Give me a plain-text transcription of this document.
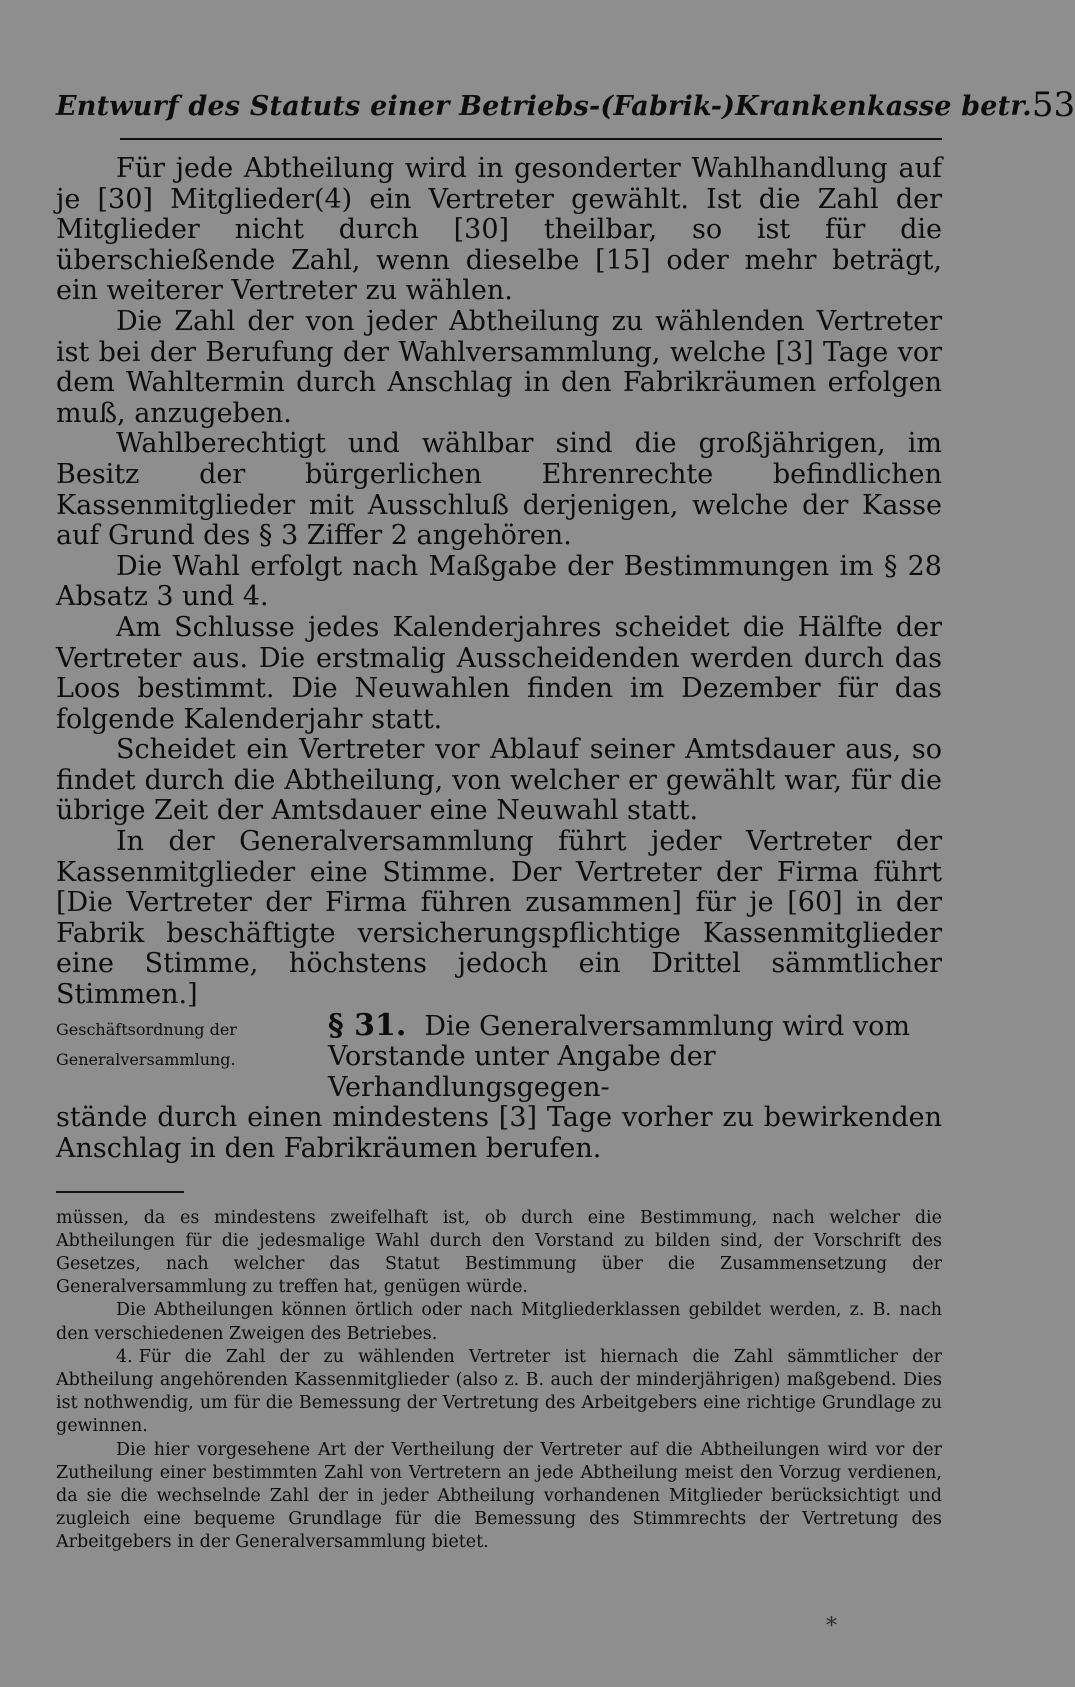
Entwurf des Statuts einer Betriebs-(Fabrik-)Krankenkasse betr. 53

Für jede Abtheilung wird in gesonderter Wahlhandlung auf je [30] Mitglieder(4) ein Vertreter gewählt. Ist die Zahl der Mitglieder nicht durch [30] theilbar, so ist für die überschießende Zahl, wenn dieselbe [15] oder mehr beträgt, ein weiterer Vertreter zu wählen.

Die Zahl der von jeder Abtheilung zu wählenden Vertreter ist bei der Berufung der Wahlversammlung, welche [3] Tage vor dem Wahltermin durch Anschlag in den Fabrikräumen erfolgen muß, anzugeben.

Wahlberechtigt und wählbar sind die großjährigen, im Besitz der bürgerlichen Ehrenrechte befindlichen Kassenmitglieder mit Ausschluß derjenigen, welche der Kasse auf Grund des § 3 Ziffer 2 angehören.

Die Wahl erfolgt nach Maßgabe der Bestimmungen im § 28 Absatz 3 und 4.

Am Schlusse jedes Kalenderjahres scheidet die Hälfte der Vertreter aus. Die erstmalig Ausscheidenden werden durch das Loos bestimmt. Die Neuwahlen finden im Dezember für das folgende Kalenderjahr statt.

Scheidet ein Vertreter vor Ablauf seiner Amtsdauer aus, so findet durch die Abtheilung, von welcher er gewählt war, für die übrige Zeit der Amtsdauer eine Neuwahl statt.

In der Generalversammlung führt jeder Vertreter der Kassenmitglieder eine Stimme. Der Vertreter der Firma führt [Die Vertreter der Firma führen zusammen] für je [60] in der Fabrik beschäftigte versicherungspflichtige Kassenmitglieder eine Stimme, höchstens jedoch ein Drittel sämmtlicher Stimmen.]

Geschäftsordnung der	§ 31. Die Generalversammlung wird vom
Generalversammlung.	Vorstande unter Angabe der Verhandlungsgegen-

stände durch einen mindestens [3] Tage vorher zu bewirkenden Anschlag in den Fabrikräumen berufen.

müssen, da es mindestens zweifelhaft ist, ob durch eine Bestimmung, nach welcher die Abtheilungen für die jedesmalige Wahl durch den Vorstand zu bilden sind, der Vorschrift des Gesetzes, nach welcher das Statut Bestimmung über die Zusammensetzung der Generalversammlung zu treffen hat, genügen würde.

Die Abtheilungen können örtlich oder nach Mitgliederklassen gebildet werden, z. B. nach den verschiedenen Zweigen des Betriebes.

4. Für die Zahl der zu wählenden Vertreter ist hiernach die Zahl sämmtlicher der Abtheilung angehörenden Kassenmitglieder (also z. B. auch der minderjährigen) maßgebend. Dies ist nothwendig, um für die Bemessung der Vertretung des Arbeitgebers eine richtige Grundlage zu gewinnen.

Die hier vorgesehene Art der Vertheilung der Vertreter auf die Abtheilungen wird vor der Zutheilung einer bestimmten Zahl von Vertretern an jede Abtheilung meist den Vorzug verdienen, da sie die wechselnde Zahl der in jeder Abtheilung vorhandenen Mitglieder berücksichtigt und zugleich eine bequeme Grundlage für die Bemessung des Stimmrechts der Vertretung des Arbeitgebers in der Generalversammlung bietet.

*
